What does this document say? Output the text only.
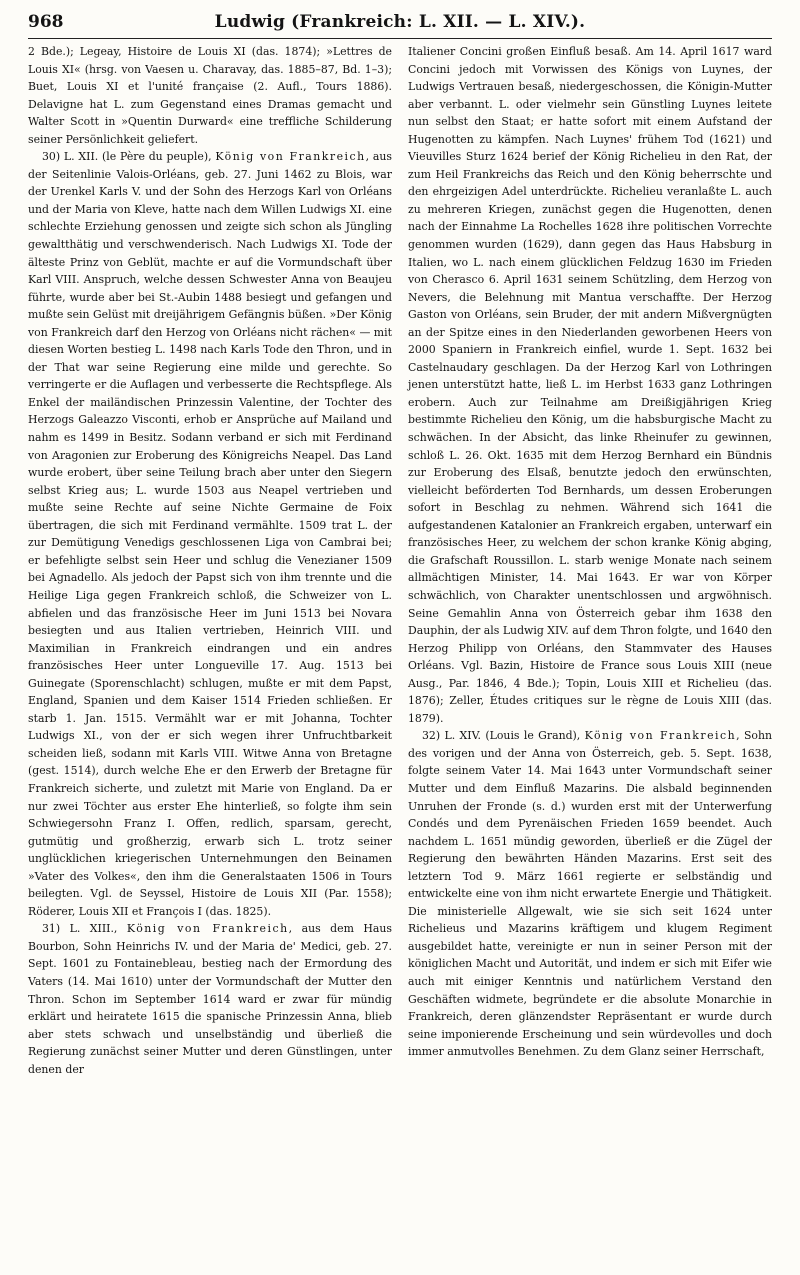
968	Ludwig (Frankreich: L. XII. — L. XIV.).

2 Bde.); Legeay, Histoire de Louis XI (das. 1874); »Lettres de Louis XI« (hrsg. von Vaesen u. Charavay, das. 1885–87, Bd. 1–3); Buet, Louis XI et l'unité française (2. Aufl., Tours 1886). Delavigne hat L. zum Gegenstand eines Dramas gemacht und Walter Scott in »Quentin Durward« eine treffliche Schilderung seiner Persönlichkeit geliefert.

30) L. XII. (le Père du peuple), König von Frankreich, aus der Seitenlinie Valois-Orléans, geb. 27. Juni 1462 zu Blois, war der Urenkel Karls V. und der Sohn des Herzogs Karl von Orléans und der Maria von Kleve, hatte nach dem Willen Ludwigs XI. eine schlechte Erziehung genossen und zeigte sich schon als Jüngling gewaltthätig und verschwenderisch. Nach Ludwigs XI. Tode der älteste Prinz von Geblüt, machte er auf die Vormundschaft über Karl VIII. Anspruch, welche dessen Schwester Anna von Beaujeu führte, wurde aber bei St.-Aubin 1488 besiegt und gefangen und mußte sein Gelüst mit dreijährigem Gefängnis büßen. »Der König von Frankreich darf den Herzog von Orléans nicht rächen« — mit diesen Worten bestieg L. 1498 nach Karls Tode den Thron, und in der That war seine Regierung eine milde und gerechte. So verringerte er die Auflagen und verbesserte die Rechtspflege. Als Enkel der mailändischen Prinzessin Valentine, der Tochter des Herzogs Galeazzo Visconti, erhob er Ansprüche auf Mailand und nahm es 1499 in Besitz. Sodann verband er sich mit Ferdinand von Aragonien zur Eroberung des Königreichs Neapel. Das Land wurde erobert, über seine Teilung brach aber unter den Siegern selbst Krieg aus; L. wurde 1503 aus Neapel vertrieben und mußte seine Rechte auf seine Nichte Germaine de Foix übertragen, die sich mit Ferdinand vermählte. 1509 trat L. der zur Demütigung Venedigs geschlossenen Liga von Cambrai bei; er befehligte selbst sein Heer und schlug die Venezianer 1509 bei Agnadello. Als jedoch der Papst sich von ihm trennte und die Heilige Liga gegen Frankreich schloß, die Schweizer von L. abfielen und das französische Heer im Juni 1513 bei Novara besiegten und aus Italien vertrieben, Heinrich VIII. und Maximilian in Frankreich eindrangen und ein andres französisches Heer unter Longueville 17. Aug. 1513 bei Guinegate (Sporenschlacht) schlugen, mußte er mit dem Papst, England, Spanien und dem Kaiser 1514 Frieden schließen. Er starb 1. Jan. 1515. Vermählt war er mit Johanna, Tochter Ludwigs XI., von der er sich wegen ihrer Unfruchtbarkeit scheiden ließ, sodann mit Karls VIII. Witwe Anna von Bretagne (gest. 1514), durch welche Ehe er den Erwerb der Bretagne für Frankreich sicherte, und zuletzt mit Marie von England. Da er nur zwei Töchter aus erster Ehe hinterließ, so folgte ihm sein Schwiegersohn Franz I. Offen, redlich, sparsam, gerecht, gutmütig und großherzig, erwarb sich L. trotz seiner unglücklichen kriegerischen Unternehmungen den Beinamen »Vater des Volkes«, den ihm die Generalstaaten 1506 in Tours beilegten. Vgl. de Seyssel, Histoire de Louis XII (Par. 1558); Röderer, Louis XII et François I (das. 1825).

31) L. XIII., König von Frankreich, aus dem Haus Bourbon, Sohn Heinrichs IV. und der Maria de' Medici, geb. 27. Sept. 1601 zu Fontainebleau, bestieg nach der Ermordung des Vaters (14. Mai 1610) unter der Vormundschaft der Mutter den Thron. Schon im September 1614 ward er zwar für mündig erklärt und heiratete 1615 die spanische Prinzessin Anna, blieb aber stets schwach und unselbständig und überließ die Regierung zunächst seiner Mutter und deren Günstlingen, unter denen der

Italiener Concini großen Einfluß besaß. Am 14. April 1617 ward Concini jedoch mit Vorwissen des Königs von Luynes, der Ludwigs Vertrauen besaß, niedergeschossen, die Königin-Mutter aber verbannt. L. oder vielmehr sein Günstling Luynes leitete nun selbst den Staat; er hatte sofort mit einem Aufstand der Hugenotten zu kämpfen. Nach Luynes' frühem Tod (1621) und Vieuvilles Sturz 1624 berief der König Richelieu in den Rat, der zum Heil Frankreichs das Reich und den König beherrschte und den ehrgeizigen Adel unterdrückte. Richelieu veranlaßte L. auch zu mehreren Kriegen, zunächst gegen die Hugenotten, denen nach der Einnahme La Rochelles 1628 ihre politischen Vorrechte genommen wurden (1629), dann gegen das Haus Habsburg in Italien, wo L. nach einem glücklichen Feldzug 1630 im Frieden von Cherasco 6. April 1631 seinem Schützling, dem Herzog von Nevers, die Belehnung mit Mantua verschaffte. Der Herzog Gaston von Orléans, sein Bruder, der mit andern Mißvergnügten an der Spitze eines in den Niederlanden geworbenen Heers von 2000 Spaniern in Frankreich einfiel, wurde 1. Sept. 1632 bei Castelnaudary geschlagen. Da der Herzog Karl von Lothringen jenen unterstützt hatte, ließ L. im Herbst 1633 ganz Lothringen erobern. Auch zur Teilnahme am Dreißigjährigen Krieg bestimmte Richelieu den König, um die habsburgische Macht zu schwächen. In der Absicht, das linke Rheinufer zu gewinnen, schloß L. 26. Okt. 1635 mit dem Herzog Bernhard ein Bündnis zur Eroberung des Elsaß, benutzte jedoch den erwünschten, vielleicht beförderten Tod Bernhards, um dessen Eroberungen sofort in Beschlag zu nehmen. Während sich 1641 die aufgestandenen Katalonier an Frankreich ergaben, unterwarf ein französisches Heer, zu welchem der schon kranke König abging, die Grafschaft Roussillon. L. starb wenige Monate nach seinem allmächtigen Minister, 14. Mai 1643. Er war von Körper schwächlich, von Charakter unentschlossen und argwöhnisch. Seine Gemahlin Anna von Österreich gebar ihm 1638 den Dauphin, der als Ludwig XIV. auf dem Thron folgte, und 1640 den Herzog Philipp von Orléans, den Stammvater des Hauses Orléans. Vgl. Bazin, Histoire de France sous Louis XIII (neue Ausg., Par. 1846, 4 Bde.); Topin, Louis XIII et Richelieu (das. 1876); Zeller, Études critiques sur le règne de Louis XIII (das. 1879).

32) L. XIV. (Louis le Grand), König von Frankreich, Sohn des vorigen und der Anna von Österreich, geb. 5. Sept. 1638, folgte seinem Vater 14. Mai 1643 unter Vormundschaft seiner Mutter und dem Einfluß Mazarins. Die alsbald beginnenden Unruhen der Fronde (s. d.) wurden erst mit der Unterwerfung Condés und dem Pyrenäischen Frieden 1659 beendet. Auch nachdem L. 1651 mündig geworden, überließ er die Zügel der Regierung den bewährten Händen Mazarins. Erst seit des letztern Tod 9. März 1661 regierte er selbständig und entwickelte eine von ihm nicht erwartete Energie und Thätigkeit. Die ministerielle Allgewalt, wie sie sich seit 1624 unter Richelieus und Mazarins kräftigem und klugem Regiment ausgebildet hatte, vereinigte er nun in seiner Person mit der königlichen Macht und Autorität, und indem er sich mit Eifer wie auch mit einiger Kenntnis und natürlichem Verstand den Geschäften widmete, begründete er die absolute Monarchie in Frankreich, deren glänzendster Repräsentant er wurde durch seine imponierende Erscheinung und sein würdevolles und doch immer anmutvolles Benehmen. Zu dem Glanz seiner Herrschaft,
